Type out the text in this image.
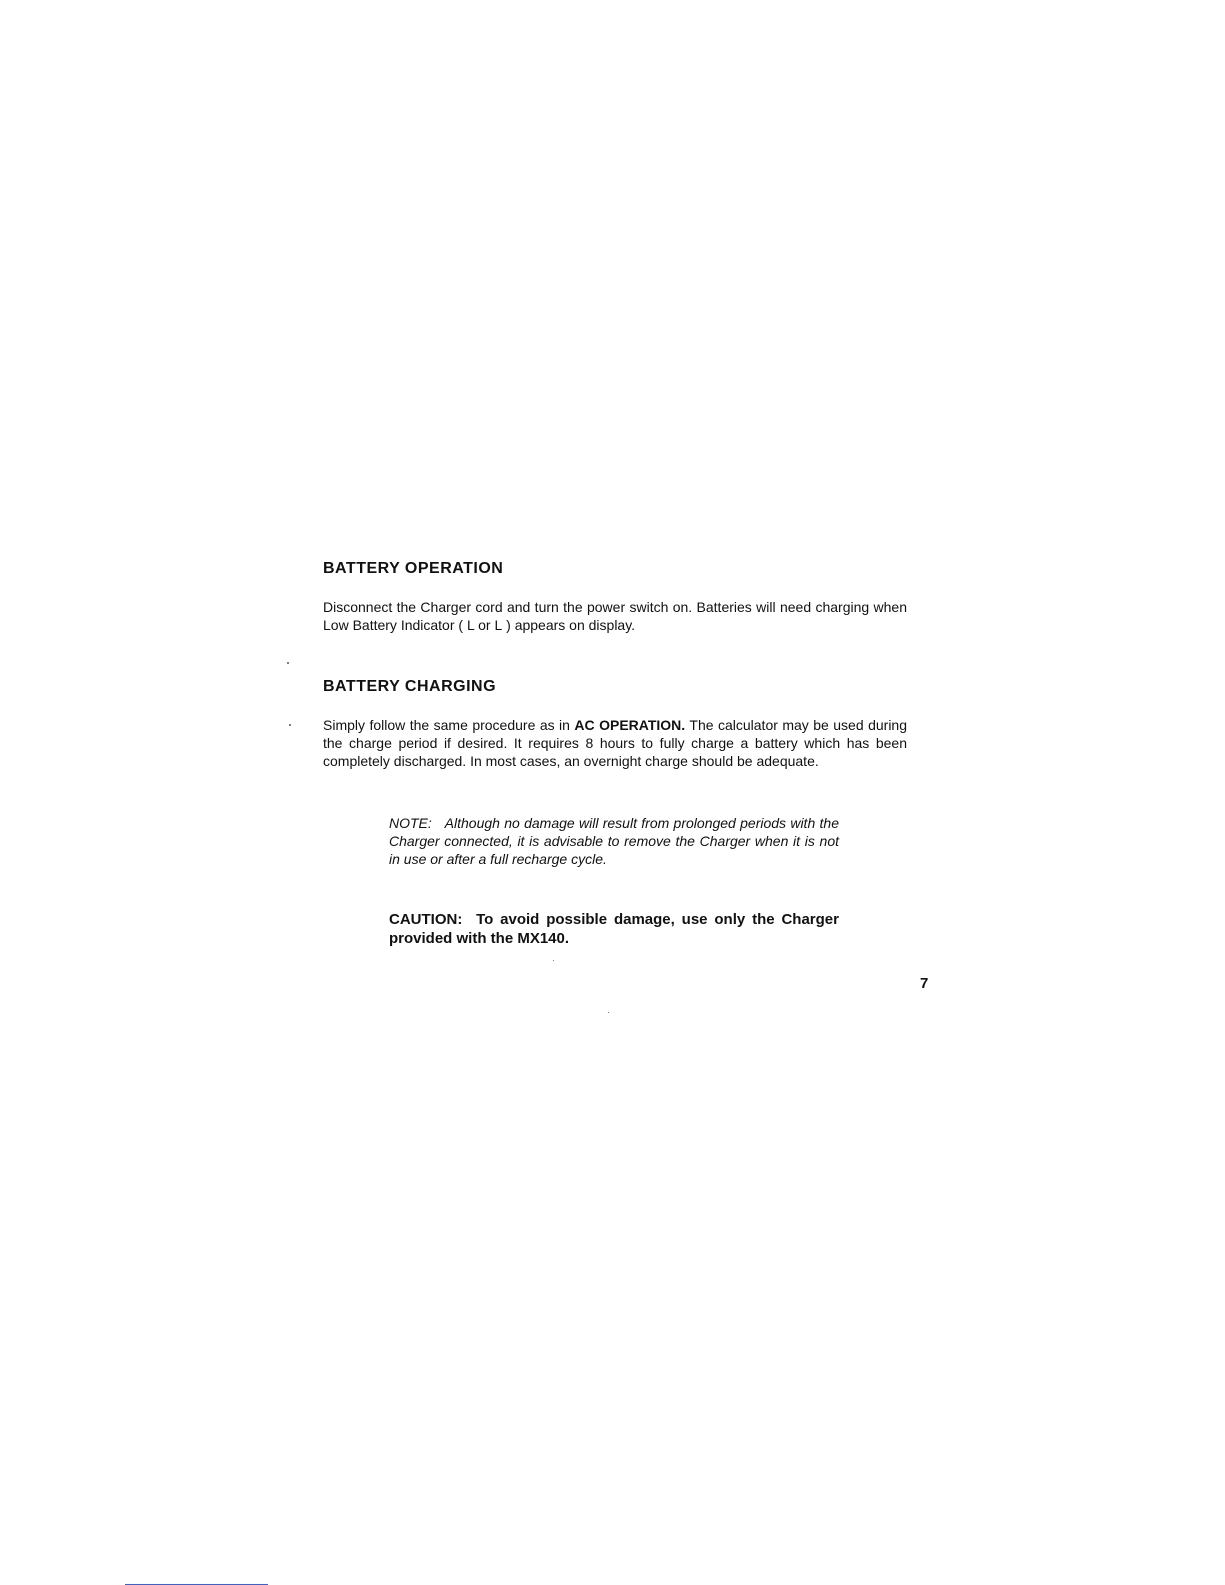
BATTERY OPERATION

Disconnect the Charger cord and turn the power switch on. Batteries will need charging when Low Battery Indicator ( L or L ) appears on display.

BATTERY CHARGING

Simply follow the same procedure as in AC OPERATION. The calculator may be used during the charge period if desired. It requires 8 hours to fully charge a battery which has been completely discharged. In most cases, an overnight charge should be adequate.

NOTE: Although no damage will result from prolonged periods with the Charger connected, it is advisable to remove the Charger when it is not in use or after a full recharge cycle.

CAUTION: To avoid possible damage, use only the Charger provided with the MX140.

7
